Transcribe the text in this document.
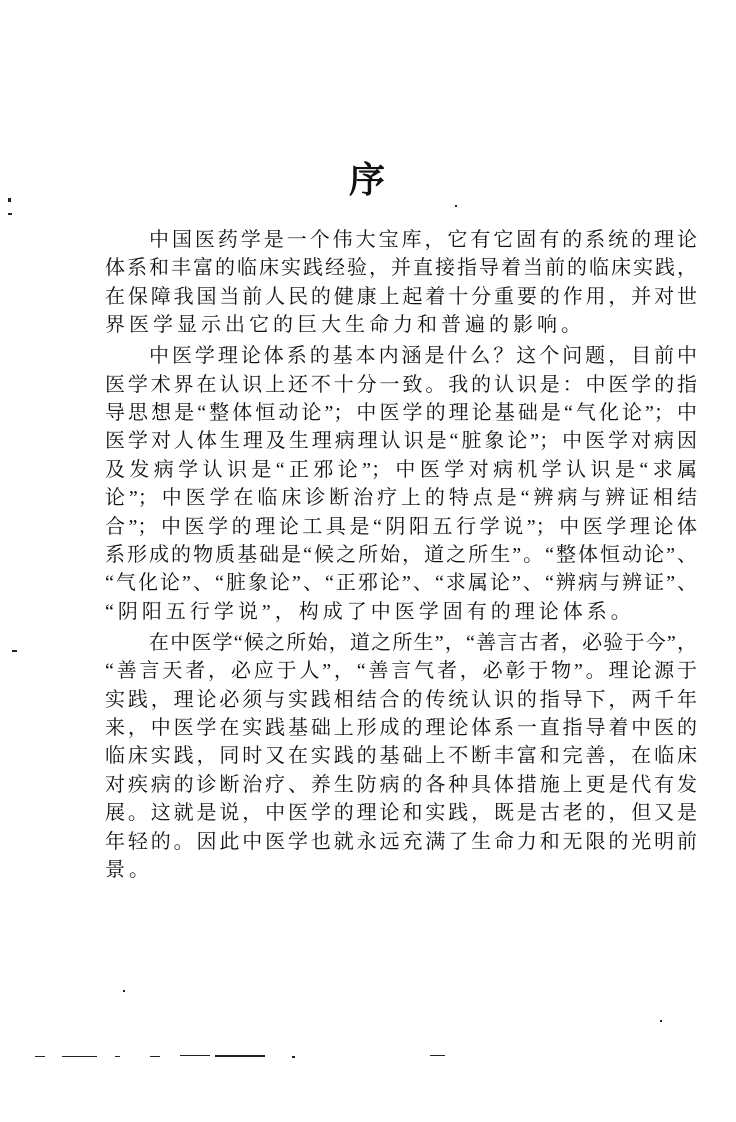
序
中国医药学是一个伟大宝库，它有它固有的系统的理论
体系和丰富的临床实践经验，并直接指导着当前的临床实践，
在保障我国当前人民的健康上起着十分重要的作用，并对世
界医学显示出它的巨大生命力和普遍的影响。
中医学理论体系的基本内涵是什么？这个问题，目前中
医学术界在认识上还不十分一致。我的认识是：中医学的指
导思想是“整体恒动论”；中医学的理论基础是“气化论”；中
医学对人体生理及生理病理认识是“脏象论”；中医学对病因
及发病学认识是“正邪论”；中医学对病机学认识是“求属
论”；中医学在临床诊断治疗上的特点是“辨病与辨证相结
合”；中医学的理论工具是“阴阳五行学说”；中医学理论体
系形成的物质基础是“候之所始，道之所生”。“整体恒动论”、
“气化论”、“脏象论”、“正邪论”、“求属论”、“辨病与辨证”、
“阴阳五行学说”，构成了中医学固有的理论体系。
在中医学“候之所始，道之所生”，“善言古者，必验于今”，
“善言天者，必应于人”，“善言气者，必彰于物”。理论源于
实践，理论必须与实践相结合的传统认识的指导下，两千年
来，中医学在实践基础上形成的理论体系一直指导着中医的
临床实践，同时又在实践的基础上不断丰富和完善，在临床
对疾病的诊断治疗、养生防病的各种具体措施上更是代有发
展。这就是说，中医学的理论和实践，既是古老的，但又是
年轻的。因此中医学也就永远充满了生命力和无限的光明前
景。
